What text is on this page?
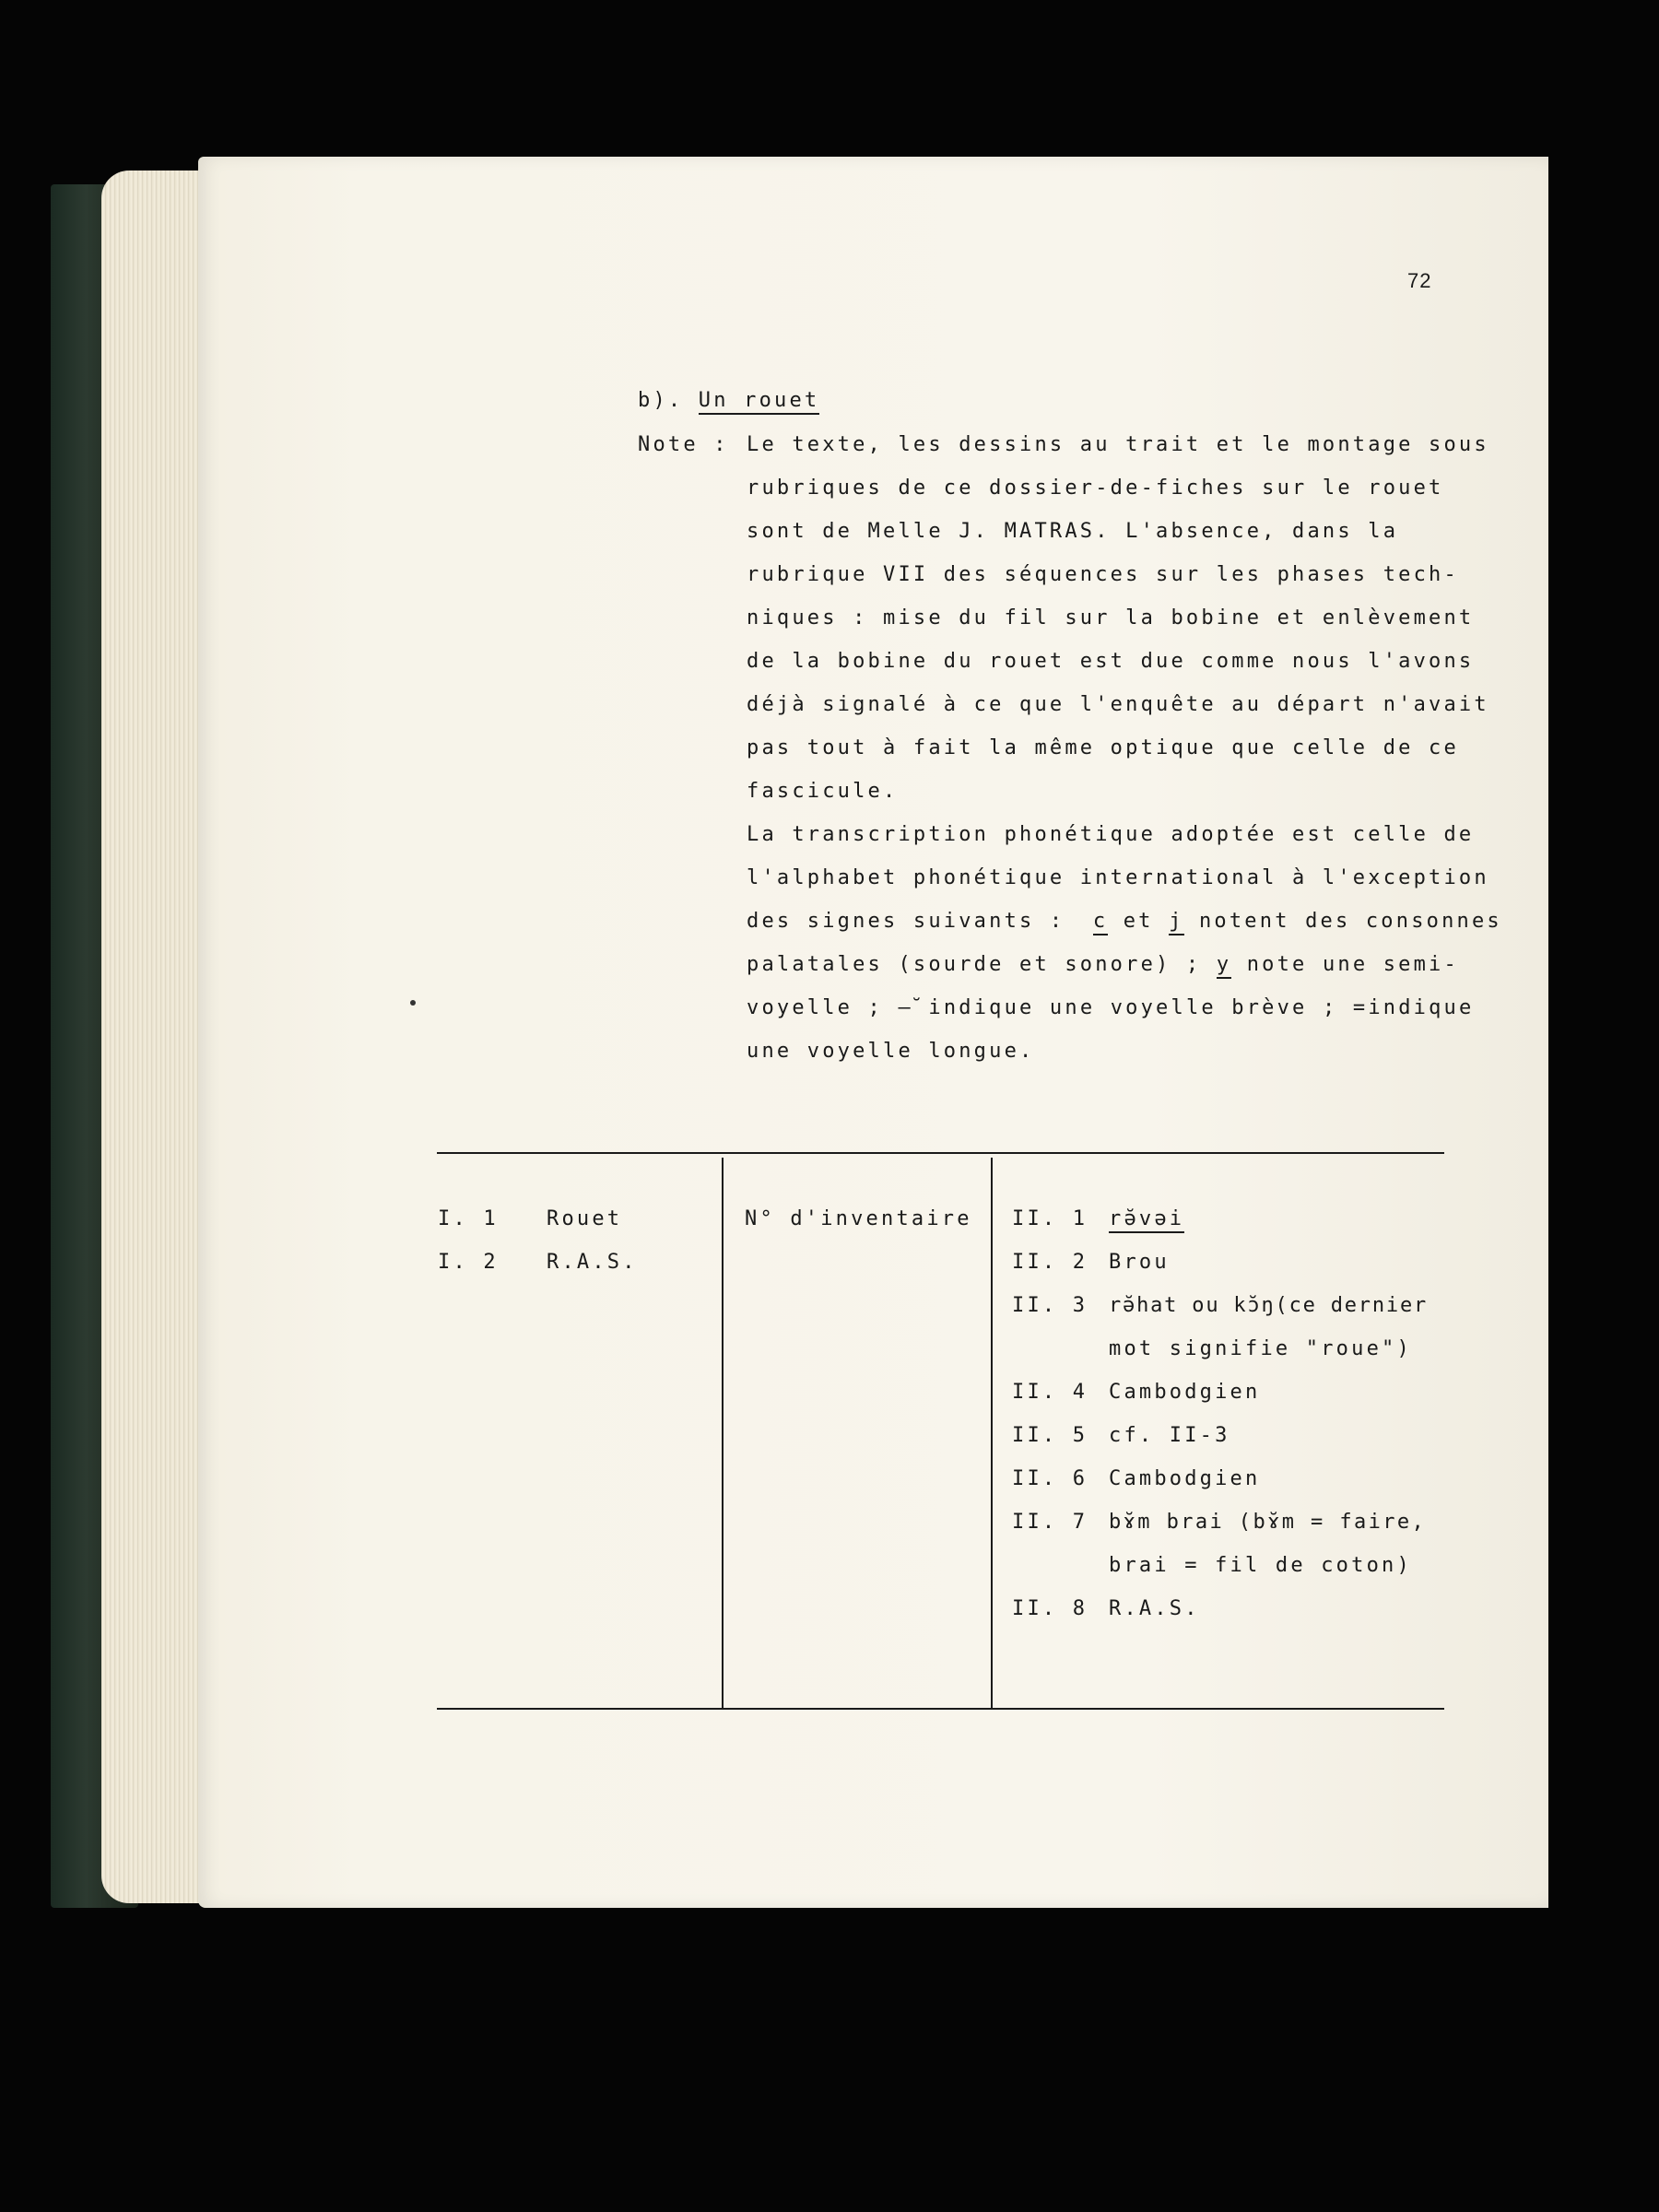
72
b). Un rouet
Note : Le texte, les dessins au trait et le montage sous
rubriques de ce dossier-de-fiches sur le rouet
sont de Melle J. MATRAS. L'absence, dans la
rubrique VII des séquences sur les phases tech-
niques : mise du fil sur la bobine et enlèvement
de la bobine du rouet est due comme nous l'avons
déjà signalé à ce que l'enquête au départ n'avait
pas tout à fait la même optique que celle de ce
fascicule.
La transcription phonétique adoptée est celle de
l'alphabet phonétique international à l'exception
des signes suivants : c et j notent des consonnes
palatales (sourde et sonore) ; y note une semi-
voyelle ; –̆ indique une voyelle brève ; =indique
une voyelle longue.
I. 1 Rouet
I. 2 R.A.S.
N° d'inventaire II. 1 rə̆vəi
II. 2 Brou
II. 3 rə̆hat ou kɔ̆ŋ(ce dernier
mot signifie "roue")
II. 4 Cambodgien
II. 5 cf. II-3
II. 6 Cambodgien
II. 7 bɤ̆m brai (bɤ̆m = faire,
brai = fil de coton)
II. 8 R.A.S.
